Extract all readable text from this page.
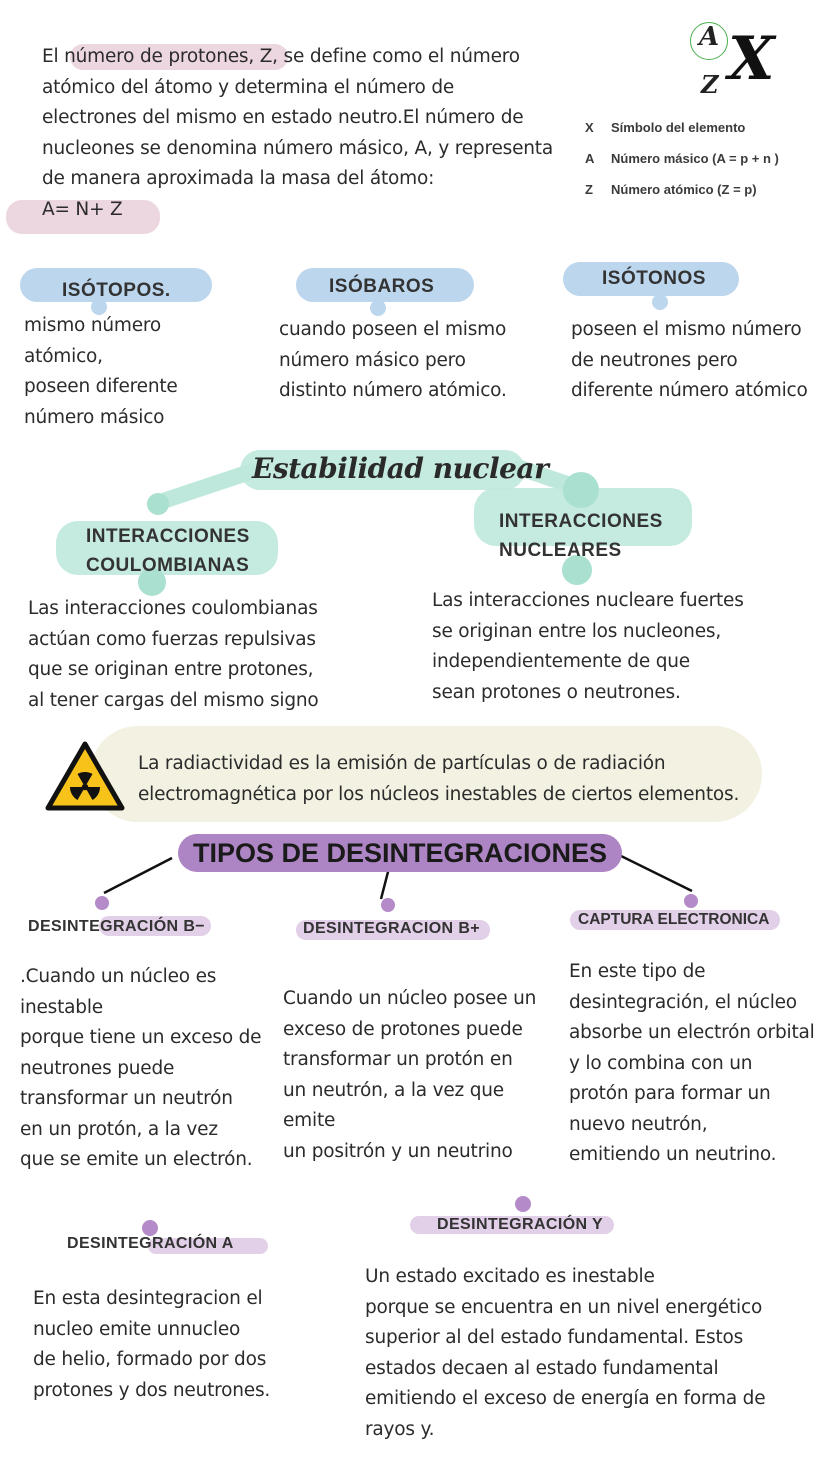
El número de protones, Z, se define como el número
atómico del átomo y determina el número de
electrones del mismo en estado neutro.El número de
nucleones se denomina número másico, A, y representa
de manera aproximada la masa del átomo:
A= N+ Z
A
Z X
X	Símbolo del elemento
A	Número másico (A = p + n )
Z	Número atómico (Z = p)
ISÓTOPOS.
mismo número
atómico,
poseen diferente
número másico
ISÓBAROS
cuando poseen el mismo
número másico pero
distinto número atómico.
ISÓTONOS
poseen el mismo número
de neutrones pero
diferente número atómico
Estabilidad nuclear
INTERACCIONES
COULOMBIANAS
INTERACCIONES
NUCLEARES
Las interacciones coulombianas
actúan como fuerzas repulsivas
que se originan entre protones,
al tener cargas del mismo signo
Las interacciones nucleare fuertes
se originan entre los nucleones,
independientemente de que
sean protones o neutrones.
La radiactividad es la emisión de partículas o de radiación
electromagnética por los núcleos inestables de ciertos elementos.
TIPOS DE DESINTEGRACIONES
DESINTEGRACIÓN B−
.Cuando un núcleo es
inestable
porque tiene un exceso de
neutrones puede
transformar un neutrón
en un protón, a la vez
que se emite un electrón.
DESINTEGRACION B+
Cuando un núcleo posee un
exceso de protones puede
transformar un protón en
un neutrón, a la vez que
emite
un positrón y un neutrino
CAPTURA ELECTRONICA
En este tipo de
desintegración, el núcleo
absorbe un electrón orbital
y lo combina con un
protón para formar un
nuevo neutrón,
emitiendo un neutrino.
DESINTEGRACIÓN A
En esta desintegracion el
nucleo emite unnucleo
de helio, formado por dos
protones y dos neutrones.
DESINTEGRACIÓN Y
Un estado excitado es inestable
porque se encuentra en un nivel energético
superior al del estado fundamental. Estos
estados decaen al estado fundamental
emitiendo el exceso de energía en forma de
rayos y.
